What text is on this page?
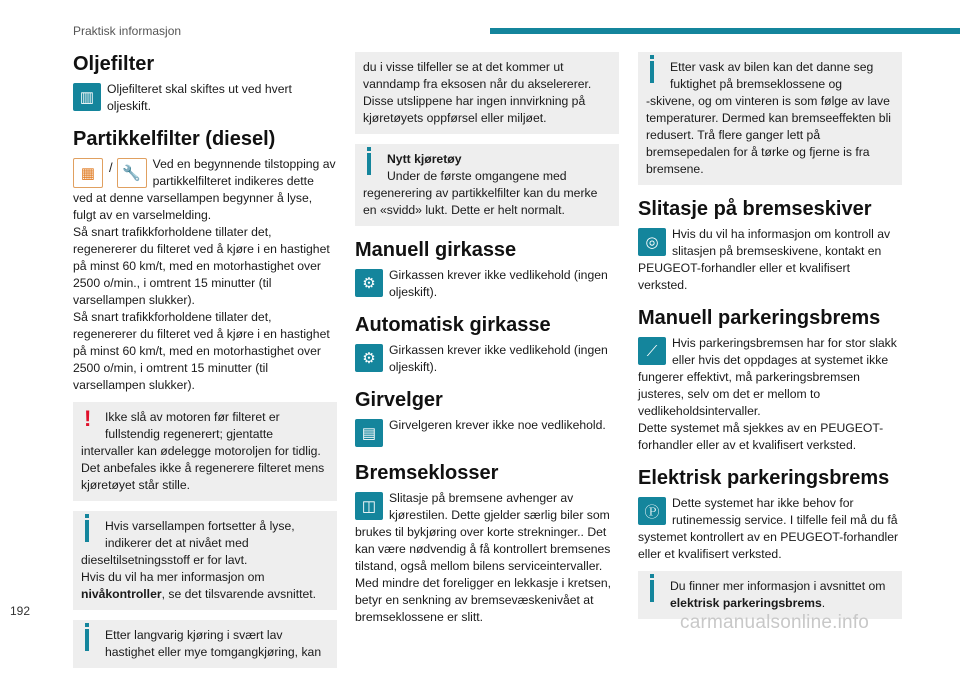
Praktisk informasjon
Oljefilter
▥	Oljefilteret skal skiftes ut ved hvert oljeskift.

Partikkelfilter (diesel)
▦	/ 🔧

Ved en begynnende tilstopping av partikkelfilteret indikeres dette

ved at denne varsellampen begynner å lyse, fulgt av en varselmelding.

Så snart trafikkforholdene tillater det, regenererer du filteret ved å kjøre i en hastighet på minst 60 km/t, med en motorhastighet over 2500 o/min., i omtrent 15 minutter (til varsellampen slukker).

Så snart trafikkforholdene tillater det, regenererer du filteret ved å kjøre i en hastighet på minst 60 km/t, med en motorhastighet over 2500 o/min, i omtrent 15 minutter (til varsellampen slukker).

!	Ikke slå av motoren før filteret er fullstendig regenerert; gjentatte

intervaller kan ødelegge motoroljen for tidlig. Det anbefales ikke å regenerere filteret mens kjøretøyet står stille.

Hvis varsellampen fortsetter å lyse, indikerer det at nivået med

dieseltilsetningsstoff er for lavt.

Hvis du vil ha mer informasjon om nivåkontroller, se det tilsvarende avsnittet.

Etter langvarig kjøring i svært lav hastighet eller mye tomgangkjøring, kan

du i visse tilfeller se at det kommer ut vanndamp fra eksosen når du akselererer. Disse utslippene har ingen innvirkning på kjøretøyets oppførsel eller miljøet.

Nytt kjøretøy

Under de første omgangene med

regenerering av partikkelfilter kan du merke en «svidd» lukt. Dette er helt normalt.

Manuell girkasse
⚙	Girkassen krever ikke vedlikehold (ingen oljeskift).

Automatisk girkasse
⚙	Girkassen krever ikke vedlikehold (ingen oljeskift).

Girvelger
▤	Girvelgeren krever ikke noe vedlikehold.

Bremseklosser
◫	Slitasje på bremsene avhenger av kjørestilen. Dette gjelder særlig biler som

brukes til bykjøring over korte strekninger.. Det kan være nødvendig å få kontrollert bremsenes tilstand, også mellom bilens serviceintervaller. Med mindre det foreligger en lekkasje i kretsen, betyr en senkning av bremsevæskenivået at bremseklossene er slitt.

Etter vask av bilen kan det danne seg fuktighet på bremseklossene og

-skivene, og om vinteren is som følge av lave temperaturer. Dermed kan bremseeffekten bli redusert. Trå flere ganger lett på bremsepedalen for å tørke og fjerne is fra bremsene.

Slitasje på bremseskiver
◎	Hvis du vil ha informasjon om kontroll av slitasjen på bremseskivene, kontakt en

PEUGEOT-forhandler eller et kvalifisert verksted.

Manuell parkeringsbrems
⟋	Hvis parkeringsbremsen har for stor slakk eller hvis det oppdages at systemet ikke

fungerer effektivt, må parkeringsbremsen justeres, selv om det er mellom to vedlikeholdsintervaller.

Dette systemet må sjekkes av en PEUGEOT-forhandler eller av et kvalifisert verksted.

Elektrisk parkeringsbrems
Ⓟ

Dette systemet har ikke behov for rutinemessig service. I tilfelle feil må du få

systemet kontrollert av en PEUGEOT-forhandler eller et kvalifisert verksted.

Du finner mer informasjon i avsnittet om elektrisk parkeringsbrems.

192
carmanualsonline.info
